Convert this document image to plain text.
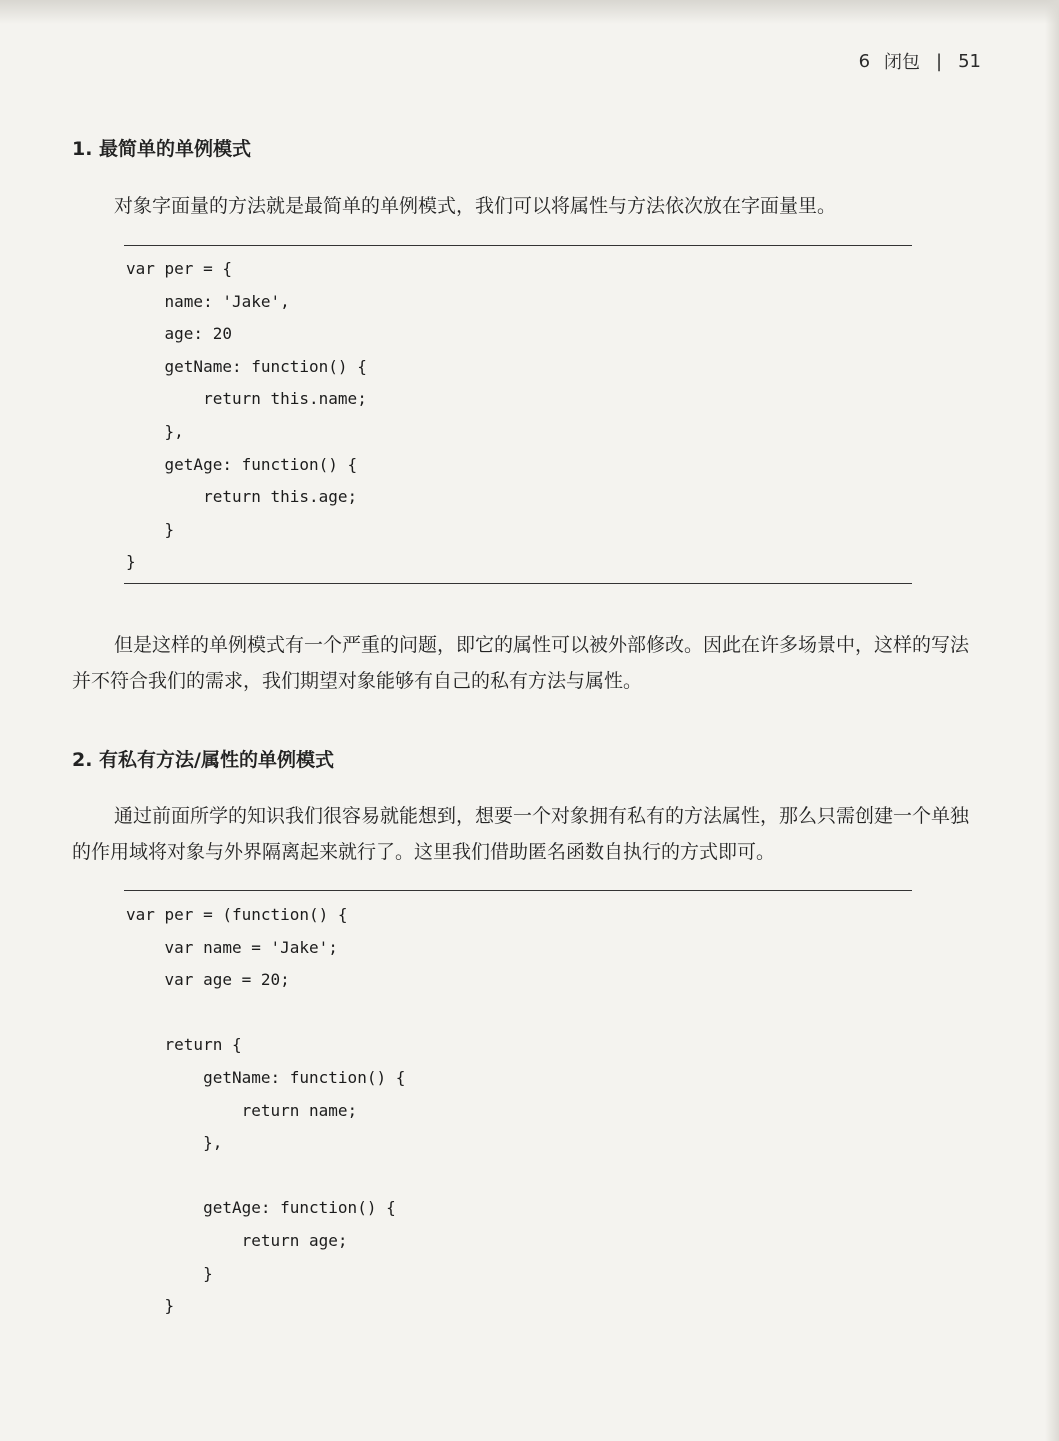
6 闭包 | 51
1. 最简单的单例模式

对象字面量的方法就是最简单的单例模式，我们可以将属性与方法依次放在字面量里。

var per = {
name: 'Jake',
age: 20
getName: function() {
return this.name;
},
getAge: function() {
return this.age;
}
}

但是这样的单例模式有一个严重的问题，即它的属性可以被外部修改。因此在许多场景中，这样的写法并不符合我们的需求，我们期望对象能够有自己的私有方法与属性。

2. 有私有方法/属性的单例模式

通过前面所学的知识我们很容易就能想到，想要一个对象拥有私有的方法属性，那么只需创建一个单独的作用域将对象与外界隔离起来就行了。这里我们借助匿名函数自执行的方式即可。

var per = (function() {
var name = 'Jake';
var age = 20;

return {
getName: function() {
return name;
},

getAge: function() {
return age;
}
}
